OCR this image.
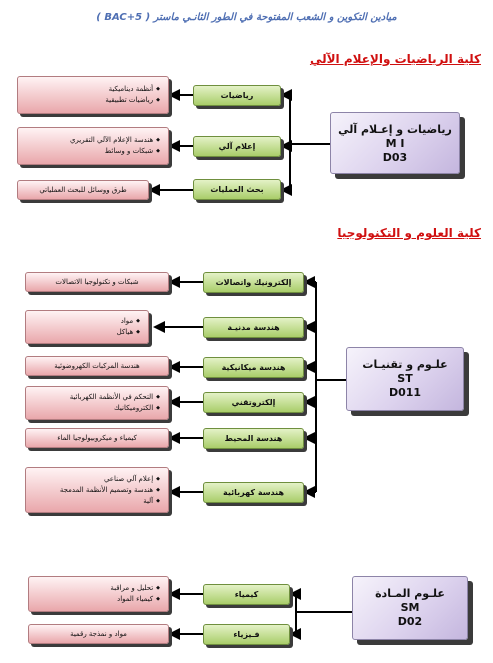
ميادين التكوين و الشعب المفتوحة في الطور الثانـي ماستر ( BAC+5 )
كلية الرياضيات والإعلام الآلي
رياضيات و إعـلام آلي
M I
D03
رياضيات
إعلام آلي
بحث العمليات
◆ أنظمة ديناميكية
◆ رياضيات تطبيقية
◆ هندسة الإعلام الآلي التقريري
◆ شبكات و وسائط
طرق ووسائل للبحث العملياتي
كلية العلوم و التكنولوجيا
علـوم و تقنيـات
ST
D011
إلكترونيك واتصالات
هندسة مدنيـة
هندسة ميكانيكية
إلكتروتقني
هندسة المحيط
هندسة كهربائية
شبكات و تكنولوجيا الاتصالات
◆ مواد
◆ هياكل
هندسة المركبات الكهروضوئية
◆ التحكم في الأنظمة الكهربائية
◆ الكتروميكانيك
كيمياء و ميكروبيولوجيا الماء
◆ إعلام آلي صناعي
◆ هندسة وتصميم الأنظمة المدمجة
◆ آلية
علـوم المـادة
SM
D02
كيمياء
فـيزياء
◆ تحليل و مراقبة
◆ كيمياء المواد
مواد و نمذجة رقمية
